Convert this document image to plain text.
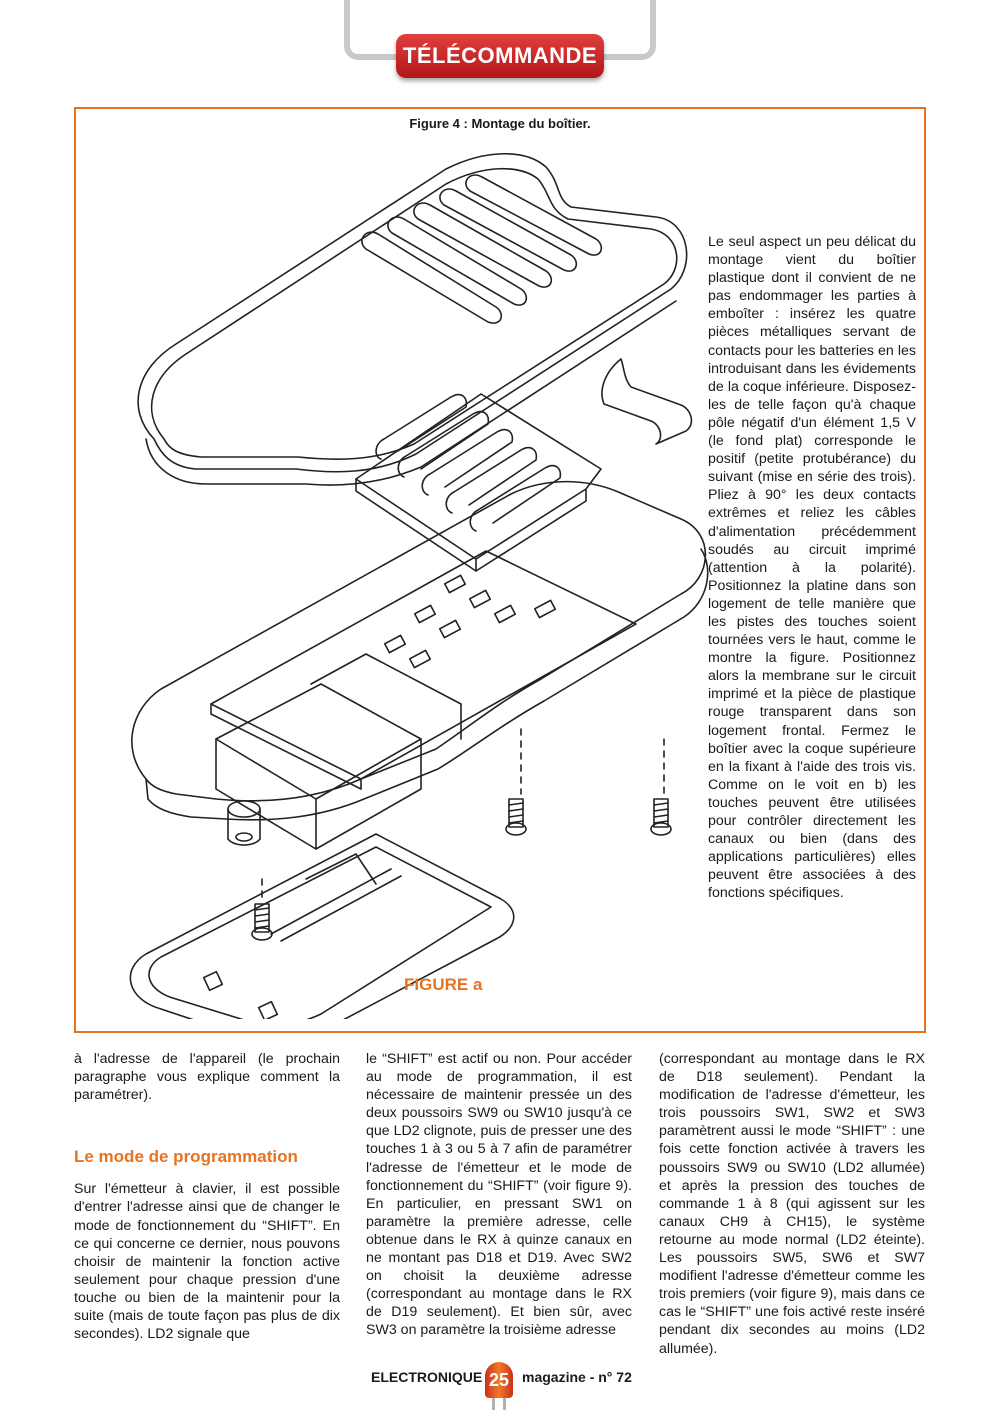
TÉLÉCOMMANDE
Figure 4 : Montage du boîtier.
FIGURE a
Le seul aspect un peu délicat du montage vient du boîtier plastique dont il convient de ne pas endommager les parties à emboîter : insérez les quatre pièces métalliques servant de contacts pour les batteries en les introduisant dans les évidements de la coque inférieure. Disposez-les de telle façon qu'à chaque pôle négatif d'un élément 1,5 V (le fond plat) corresponde le positif (petite protubérance) du suivant (mise en série des trois). Pliez à 90° les deux contacts extrêmes et reliez les câbles d'alimentation précédemment soudés au circuit imprimé (attention à la polarité). Positionnez la platine dans son logement de telle manière que les pistes des touches soient tournées vers le haut, comme le montre la figure. Positionnez alors la membrane sur le circuit imprimé et la pièce de plastique rouge transparent dans son logement frontal. Fermez le boîtier avec la coque supérieure en la fixant à l'aide des trois vis. Comme on le voit en b) les touches peuvent être utilisées pour contrôler directement les canaux ou bien (dans des applications particulières) elles peuvent être associées à des fonctions spécifiques.

à l'adresse de l'appareil (le prochain paragraphe vous explique comment la paramétrer).

Le mode de programmation

Sur l'émetteur à clavier, il est possible d'entrer l'adresse ainsi que de changer le mode de fonctionnement du “SHIFT”. En ce qui concerne ce dernier, nous pouvons choisir de maintenir la fonction active seulement pour chaque pression d'une touche ou bien de la maintenir pour la suite (mais de toute façon pas plus de dix secondes). LD2 signale que

le “SHIFT” est actif ou non. Pour accéder au mode de programmation, il est nécessaire de maintenir pressée un des deux poussoirs SW9 ou SW10 jusqu'à ce que LD2 clignote, puis de presser une des touches 1 à 3 ou 5 à 7 afin de paramétrer l'adresse de l'émetteur et le mode de fonctionnement du “SHIFT” (voir figure 9). En particulier, en pressant SW1 on paramètre la première adresse, celle obtenue dans le RX à quinze canaux en ne montant pas D18 et D19. Avec SW2 on choisit la deuxième adresse (correspondant au montage dans le RX de D19 seulement). Et bien sûr, avec SW3 on paramètre la troisième adresse

(correspondant au montage dans le RX de D18 seulement). Pendant la modification de l'adresse d'émetteur, les trois poussoirs SW1, SW2 et SW3 paramètrent aussi le mode “SHIFT” : une fois cette fonction activée à travers les poussoirs SW9 ou SW10 (LD2 allumée) et après la pression des touches de commande 1 à 8 (qui agissent sur les canaux CH9 à CH15), le système retourne au mode normal (LD2 éteinte). Les poussoirs SW5, SW6 et SW7 modifient l'adresse d'émetteur comme les trois premiers (voir figure 9), mais dans ce cas le “SHIFT” une fois activé reste inséré pendant dix secondes au moins (LD2 allumée).

ELECTRONIQUE 25 magazine - n° 72
